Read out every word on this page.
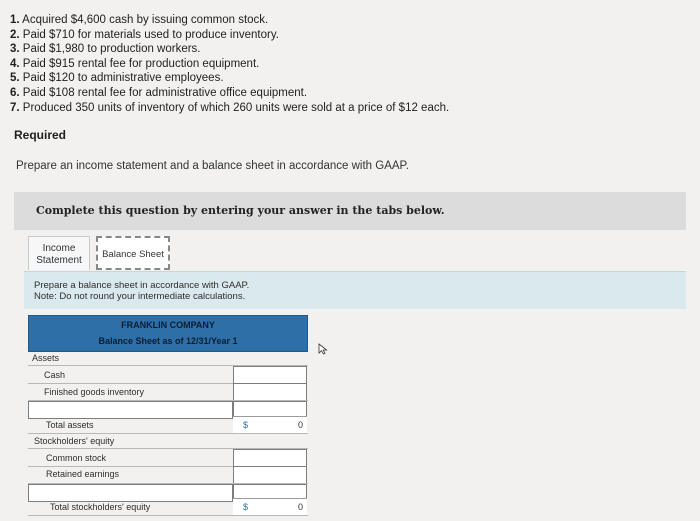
1. Acquired $4,600 cash by issuing common stock.
2. Paid $710 for materials used to produce inventory.
3. Paid $1,980 to production workers.
4. Paid $915 rental fee for production equipment.
5. Paid $120 to administrative employees.
6. Paid $108 rental fee for administrative office equipment.
7. Produced 350 units of inventory of which 260 units were sold at a price of $12 each.
Required
Prepare an income statement and a balance sheet in accordance with GAAP.
Complete this question by entering your answer in the tabs below.
Income
Statement
Balance Sheet
Prepare a balance sheet in accordance with GAAP.
Note: Do not round your intermediate calculations.
FRANKLIN COMPANY
Balance Sheet as of 12/31/Year 1
Assets
Cash
Finished goods inventory
Total assets	$	0
Stockholders' equity
Common stock
Retained earnings
Total stockholders' equity	$	0
